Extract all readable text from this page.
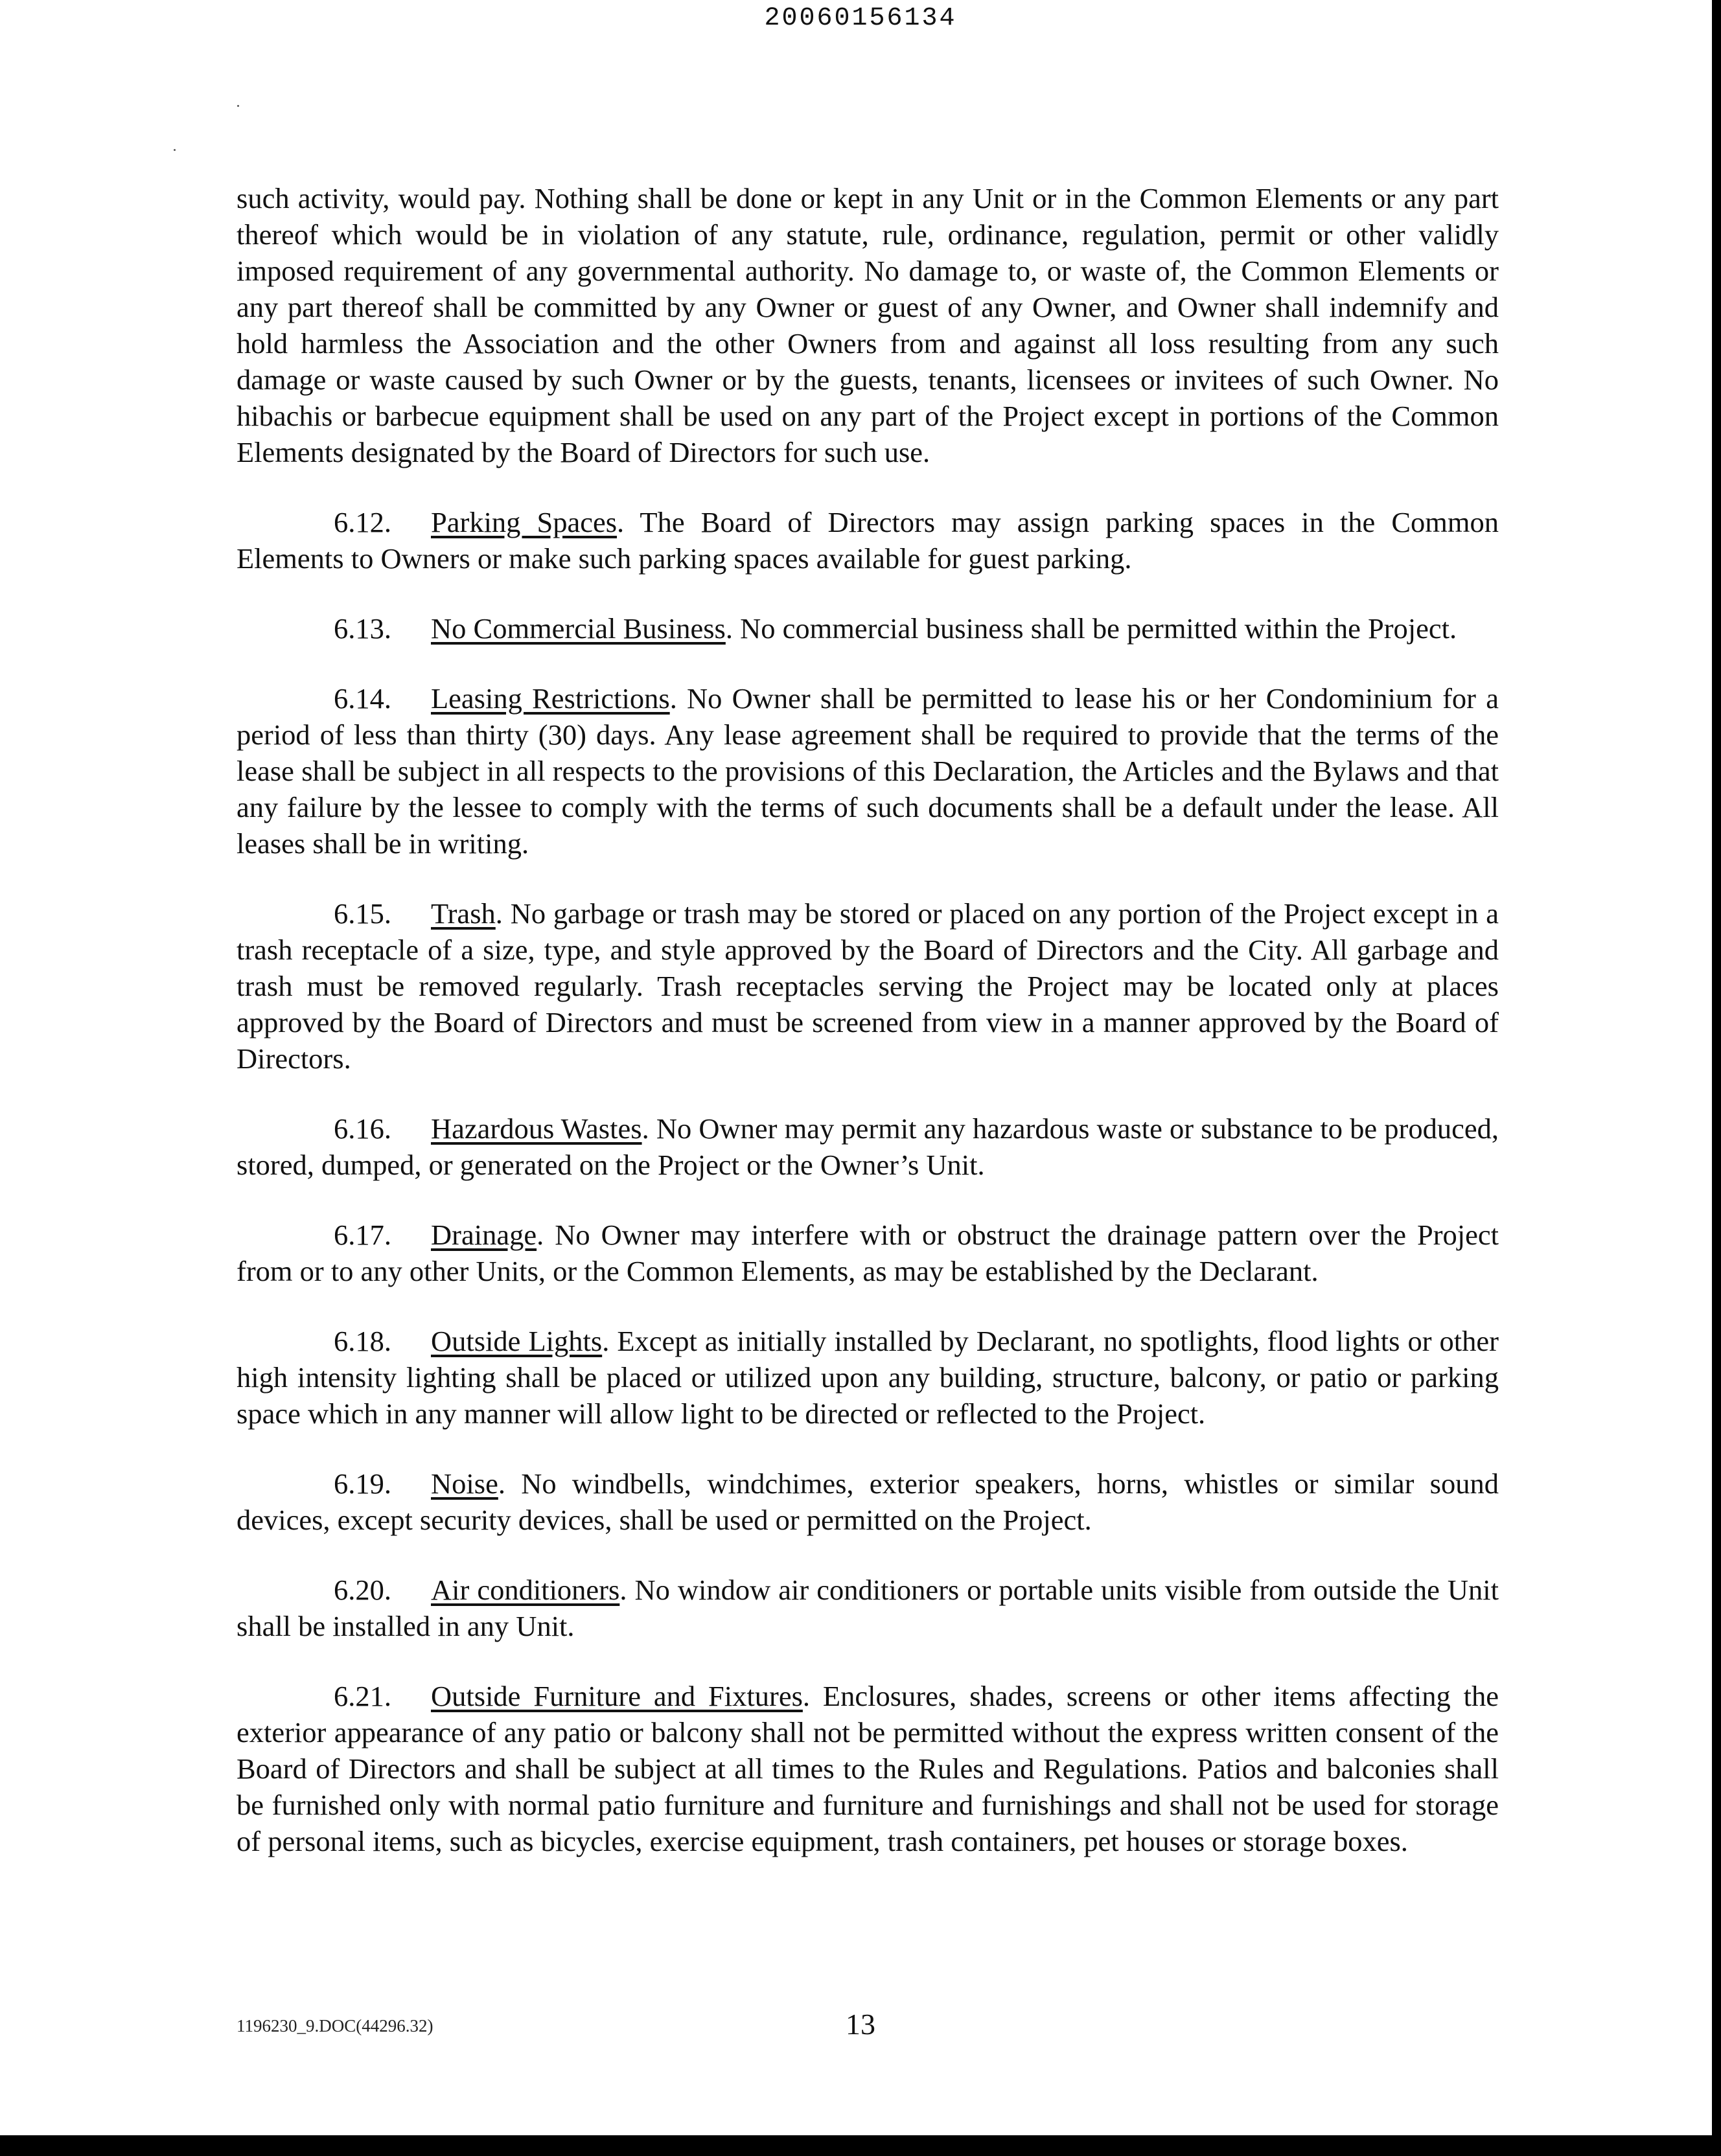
20060156134

such activity, would pay. Nothing shall be done or kept in any Unit or in the Common Elements or any part thereof which would be in violation of any statute, rule, ordinance, regulation, permit or other validly imposed requirement of any governmental authority. No damage to, or waste of, the Common Elements or any part thereof shall be committed by any Owner or guest of any Owner, and Owner shall indemnify and hold harmless the Association and the other Owners from and against all loss resulting from any such damage or waste caused by such Owner or by the guests, tenants, licensees or invitees of such Owner. No hibachis or barbecue equipment shall be used on any part of the Project except in portions of the Common Elements designated by the Board of Directors for such use.

6.12. Parking Spaces. The Board of Directors may assign parking spaces in the Common Elements to Owners or make such parking spaces available for guest parking.

6.13. No Commercial Business. No commercial business shall be permitted within the Project.

6.14. Leasing Restrictions. No Owner shall be permitted to lease his or her Condominium for a period of less than thirty (30) days. Any lease agreement shall be required to provide that the terms of the lease shall be subject in all respects to the provisions of this Declaration, the Articles and the Bylaws and that any failure by the lessee to comply with the terms of such documents shall be a default under the lease. All leases shall be in writing.

6.15. Trash. No garbage or trash may be stored or placed on any portion of the Project except in a trash receptacle of a size, type, and style approved by the Board of Directors and the City. All garbage and trash must be removed regularly. Trash receptacles serving the Project may be located only at places approved by the Board of Directors and must be screened from view in a manner approved by the Board of Directors.

6.16. Hazardous Wastes. No Owner may permit any hazardous waste or substance to be produced, stored, dumped, or generated on the Project or the Owner’s Unit.

6.17. Drainage. No Owner may interfere with or obstruct the drainage pattern over the Project from or to any other Units, or the Common Elements, as may be established by the Declarant.

6.18. Outside Lights. Except as initially installed by Declarant, no spotlights, flood lights or other high intensity lighting shall be placed or utilized upon any building, structure, balcony, or patio or parking space which in any manner will allow light to be directed or reflected to the Project.

6.19. Noise. No windbells, windchimes, exterior speakers, horns, whistles or similar sound devices, except security devices, shall be used or permitted on the Project.

6.20. Air conditioners. No window air conditioners or portable units visible from outside the Unit shall be installed in any Unit.

6.21. Outside Furniture and Fixtures. Enclosures, shades, screens or other items affecting the exterior appearance of any patio or balcony shall not be permitted without the express written consent of the Board of Directors and shall be subject at all times to the Rules and Regulations. Patios and balconies shall be furnished only with normal patio furniture and furniture and furnishings and shall not be used for storage of personal items, such as bicycles, exercise equipment, trash containers, pet houses or storage boxes.

1196230_9.DOC(44296.32)	13
